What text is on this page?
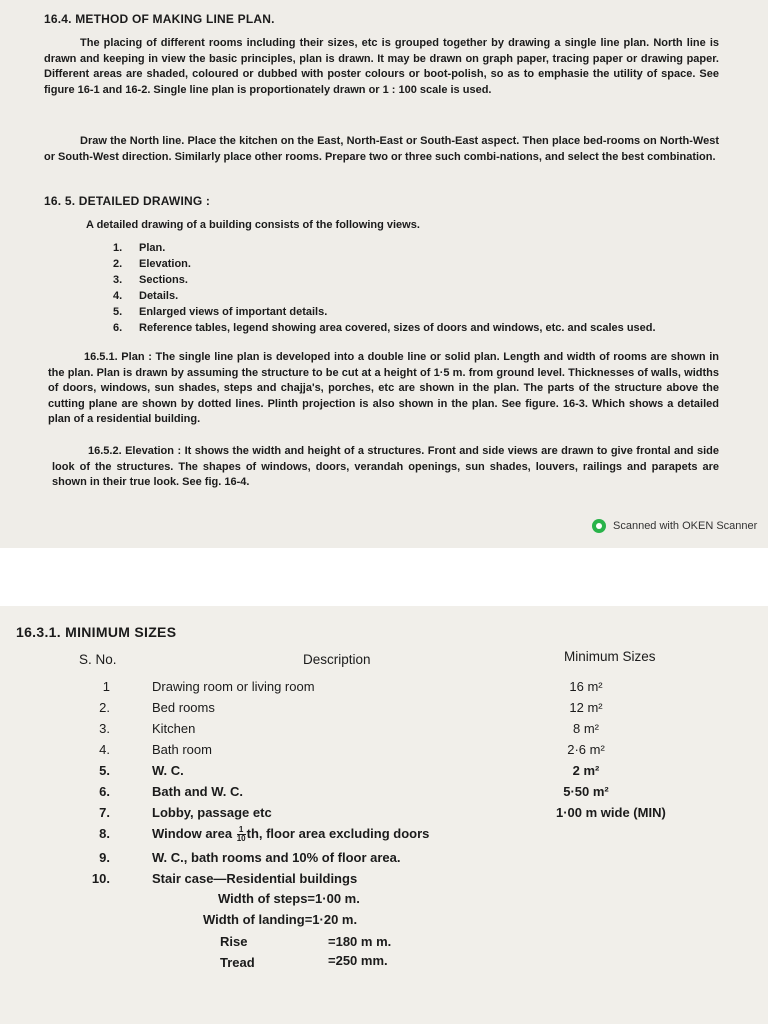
16.4. METHOD OF MAKING LINE PLAN.

The placing of different rooms including their sizes, etc is grouped together by drawing a single line plan. North line is drawn and keeping in view the basic principles, plan is drawn. It may be drawn on graph paper, tracing paper or drawing paper. Different areas are shaded, coloured or dubbed with poster colours or boot-polish, so as to emphasie the utility of space. See figure 16-1 and 16-2. Single line plan is proportionately drawn or 1 : 100 scale is used.

Draw the North line. Place the kitchen on the East, North-East or South-East aspect. Then place bed-rooms on North-West or South-West direction. Similarly place other rooms. Prepare two or three such combi-nations, and select the best combination.

16. 5. DETAILED DRAWING :
A detailed drawing of a building consists of the following views.
1. Plan.
2. Elevation.
3. Sections.
4. Details.
5. Enlarged views of important details.
6. Reference tables, legend showing area covered, sizes of doors and windows, etc. and scales used.

16.5.1. Plan : The single line plan is developed into a double line or solid plan. Length and width of rooms are shown in the plan. Plan is drawn by assuming the structure to be cut at a height of 1·5 m. from ground level. Thicknesses of walls, widths of doors, windows, sun shades, steps and chajja's, porches, etc are shown in the plan. The parts of the structure above the cutting plane are shown by dotted lines. Plinth projection is also shown in the plan. See figure. 16-3. Which shows a detailed plan of a residential building.

16.5.2. Elevation : It shows the width and height of a structures. Front and side views are drawn to give frontal and side look of the structures. The shapes of windows, doors, verandah openings, sun shades, louvers, railings and parapets are shown in their true look. See fig. 16-4.

Scanned with OKEN Scanner
16.3.1. MINIMUM SIZES
S. No.	Description	Minimum Sizes
1	Drawing room or living room	16 m²
2.	Bed rooms	12 m²
3.	Kitchen	8 m²
4.	Bath room	2·6 m²
5.	W. C.	2 m²
6.	Bath and W. C.	5·50 m²
7.	Lobby, passage etc	1·00 m wide (MIN)
8.	Window area $\frac{1}{10}$ th, floor area excluding doors
9.	W. C., bath rooms and 10% of floor area.
10.	Stair case—Residential buildings
Width of steps=1·00 m.
Width of landing=1·20 m.
Rise	=180 m m.
Tread	=250 mm.
